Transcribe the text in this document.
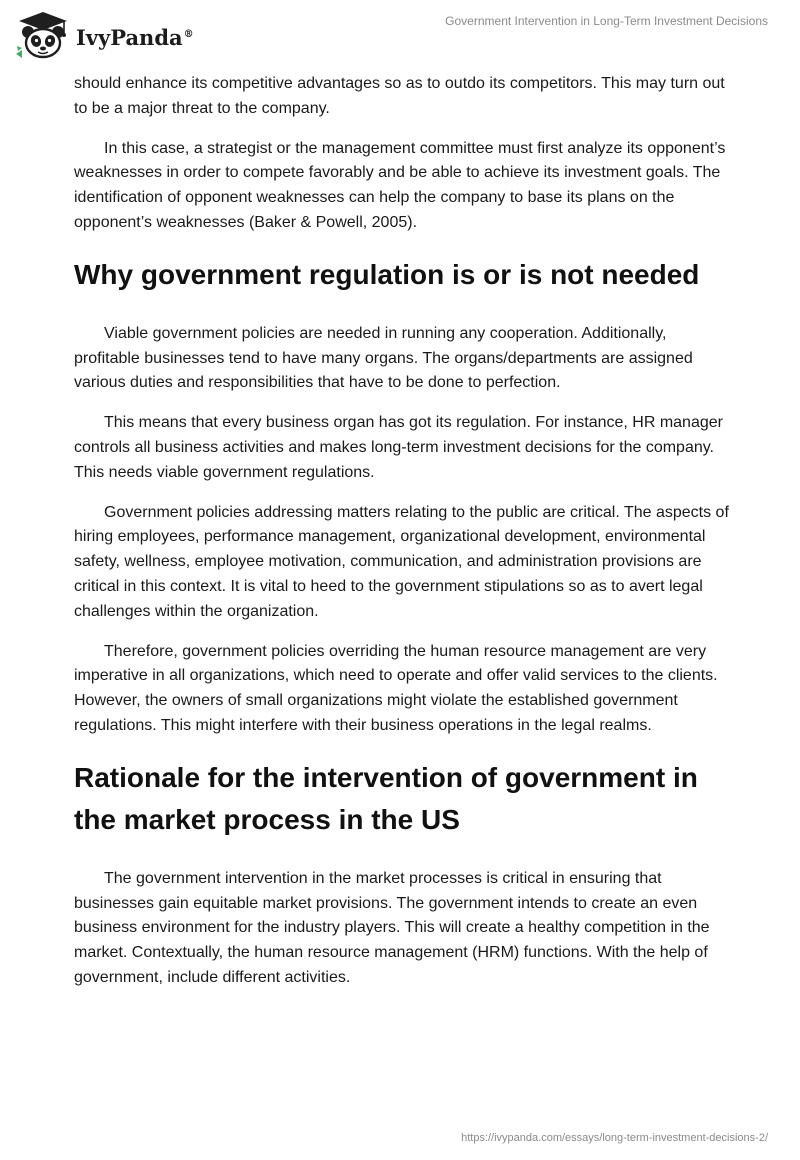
IvyPanda®
Government Intervention in Long-Term Investment Decisions

should enhance its competitive advantages so as to outdo its competitors. This may turn out to be a major threat to the company.

In this case, a strategist or the management committee must first analyze its opponent’s weaknesses in order to compete favorably and be able to achieve its investment goals. The identification of opponent weaknesses can help the company to base its plans on the opponent’s weaknesses (Baker & Powell, 2005).

Why government regulation is or is not needed

Viable government policies are needed in running any cooperation. Additionally, profitable businesses tend to have many organs. The organs/departments are assigned various duties and responsibilities that have to be done to perfection.

This means that every business organ has got its regulation. For instance, HR manager controls all business activities and makes long-term investment decisions for the company. This needs viable government regulations.

Government policies addressing matters relating to the public are critical. The aspects of hiring employees, performance management, organizational development, environmental safety, wellness, employee motivation, communication, and administration provisions are critical in this context. It is vital to heed to the government stipulations so as to avert legal challenges within the organization.

Therefore, government policies overriding the human resource management are very imperative in all organizations, which need to operate and offer valid services to the clients. However, the owners of small organizations might violate the established government regulations. This might interfere with their business operations in the legal realms.

Rationale for the intervention of government in the market process in the US

The government intervention in the market processes is critical in ensuring that businesses gain equitable market provisions. The government intends to create an even business environment for the industry players. This will create a healthy competition in the market. Contextually, the human resource management (HRM) functions. With the help of government, include different activities.

https://ivypanda.com/essays/long-term-investment-decisions-2/
